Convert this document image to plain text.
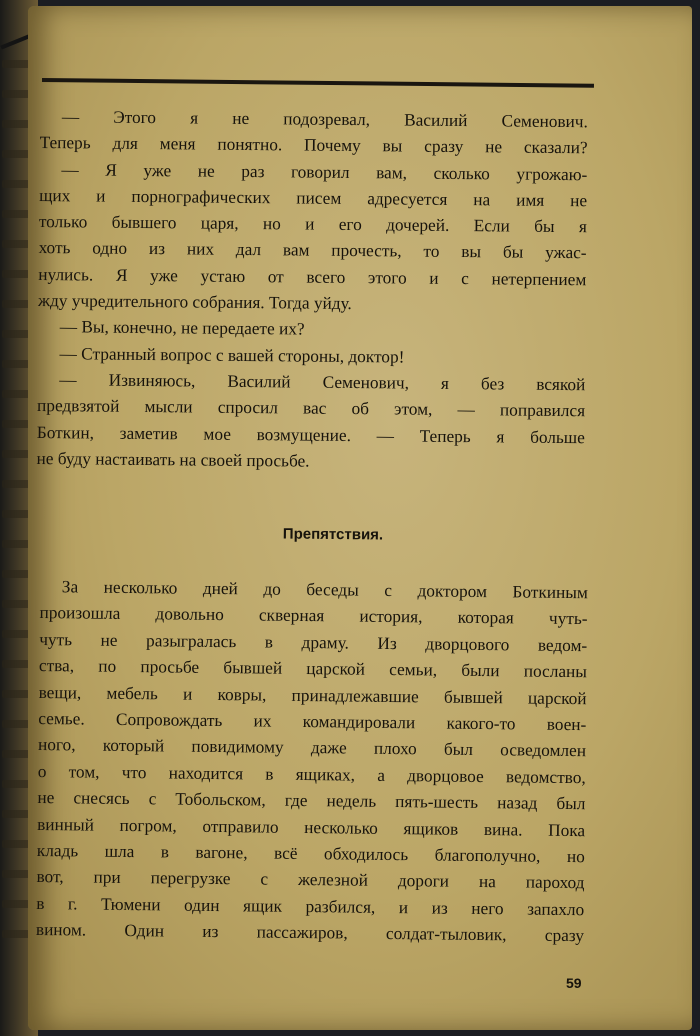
— Этого я не подозревал, Василий Семенович.
Теперь для меня понятно. Почему вы сразу не сказали?
— Я уже не раз говорил вам, сколько угрожаю-
щих и порнографических писем адресуется на имя не
только бывшего царя, но и его дочерей. Если бы я
хоть одно из них дал вам прочесть, то вы бы ужас-
нулись. Я уже устаю от всего этого и с нетерпением
жду учредительного собрания. Тогда уйду.
— Вы, конечно, не передаете их?
— Странный вопрос с вашей стороны, доктор!
— Извиняюсь, Василий Семенович, я без всякой
предвзятой мысли спросил вас об этом, — поправился
Боткин, заметив мое возмущение. — Теперь я больше
не буду настаивать на своей просьбе.
Препятствия.
За несколько дней до беседы с доктором Боткиным
произошла довольно скверная история, которая чуть-
чуть не разыгралась в драму. Из дворцового ведом-
ства, по просьбе бывшей царской семьи, были посланы
вещи, мебель и ковры, принадлежавшие бывшей царской
семье. Сопровождать их командировали какого-то воен-
ного, который повидимому даже плохо был осведомлен
о том, что находится в ящиках, а дворцовое ведомство,
не снесясь с Тобольском, где недель пять-шесть назад был
винный погром, отправило несколько ящиков вина. Пока
кладь шла в вагоне, всё обходилось благополучно, но
вот, при перегрузке с железной дороги на пароход
в г. Тюмени один ящик разбился, и из него запахло
вином. Один из пассажиров, солдат-тыловик, сразу
59
